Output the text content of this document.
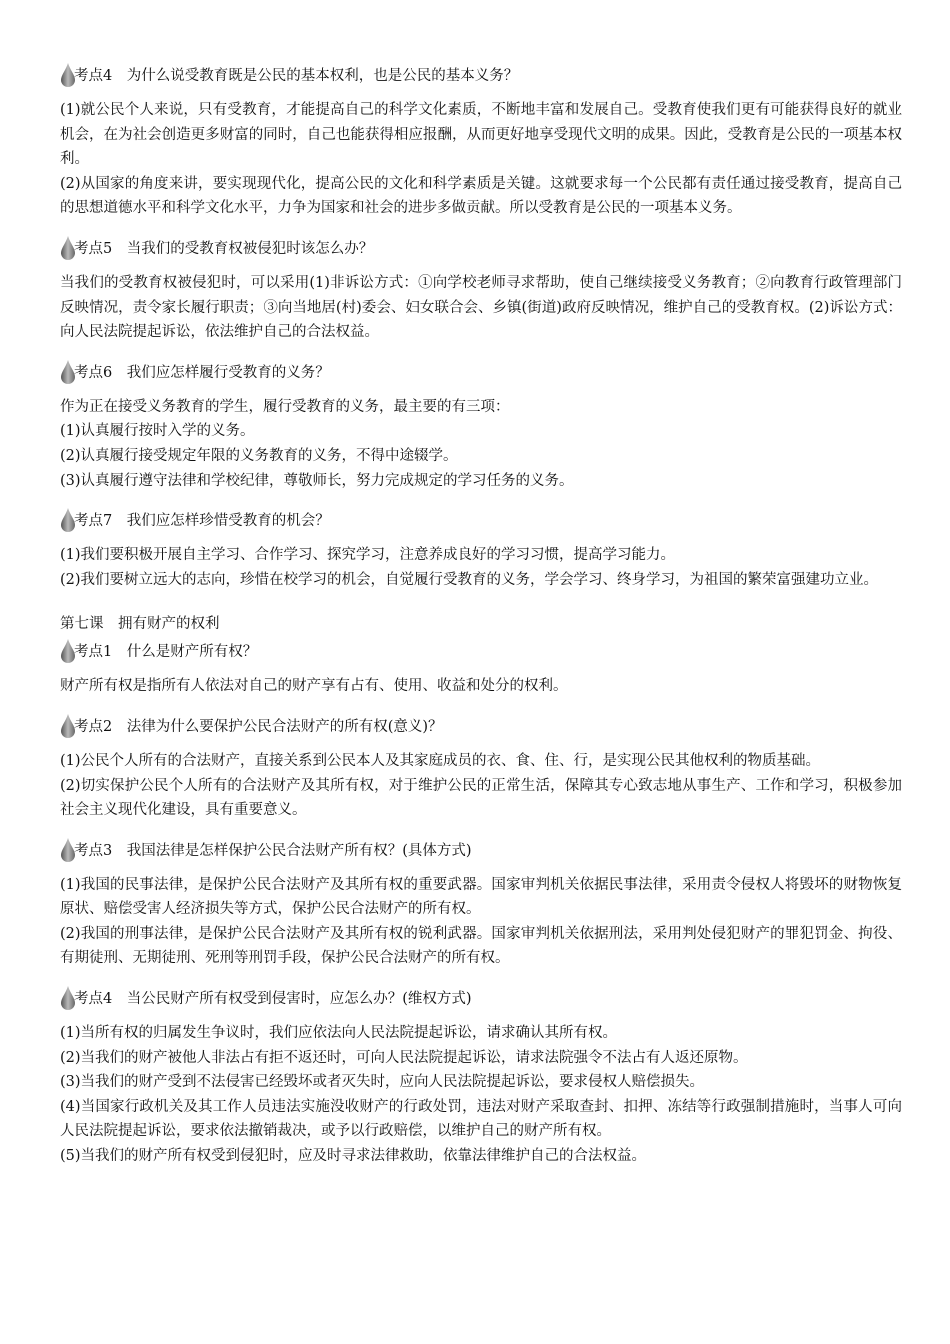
考点4　为什么说受教育既是公民的基本权利，也是公民的基本义务？

(1)就公民个人来说，只有受教育，才能提高自己的科学文化素质，不断地丰富和发展自己。受教育使我们更有可能获得良好的就业机会，在为社会创造更多财富的同时，自己也能获得相应报酬，从而更好地享受现代文明的成果。因此，受教育是公民的一项基本权利。

(2)从国家的角度来讲，要实现现代化，提高公民的文化和科学素质是关键。这就要求每一个公民都有责任通过接受教育，提高自己的思想道德水平和科学文化水平，力争为国家和社会的进步多做贡献。所以受教育是公民的一项基本义务。

考点5　当我们的受教育权被侵犯时该怎么办？

当我们的受教育权被侵犯时，可以采用(1)非诉讼方式：①向学校老师寻求帮助，使自己继续接受义务教育；②向教育行政管理部门反映情况，责令家长履行职责；③向当地居(村)委会、妇女联合会、乡镇(街道)政府反映情况，维护自己的受教育权。(2)诉讼方式：向人民法院提起诉讼，依法维护自己的合法权益。

考点6　我们应怎样履行受教育的义务？

作为正在接受义务教育的学生，履行受教育的义务，最主要的有三项：

(1)认真履行按时入学的义务。

(2)认真履行接受规定年限的义务教育的义务，不得中途辍学。

(3)认真履行遵守法律和学校纪律，尊敬师长，努力完成规定的学习任务的义务。

考点7　我们应怎样珍惜受教育的机会？

(1)我们要积极开展自主学习、合作学习、探究学习，注意养成良好的学习习惯，提高学习能力。

(2)我们要树立远大的志向，珍惜在校学习的机会，自觉履行受教育的义务，学会学习、终身学习，为祖国的繁荣富强建功立业。

第七课　拥有财产的权利
考点1　什么是财产所有权？

财产所有权是指所有人依法对自己的财产享有占有、使用、收益和处分的权利。

考点2　法律为什么要保护公民合法财产的所有权(意义)？

(1)公民个人所有的合法财产，直接关系到公民本人及其家庭成员的衣、食、住、行，是实现公民其他权利的物质基础。

(2)切实保护公民个人所有的合法财产及其所有权，对于维护公民的正常生活，保障其专心致志地从事生产、工作和学习，积极参加社会主义现代化建设，具有重要意义。

考点3　我国法律是怎样保护公民合法财产所有权？(具体方式)

(1)我国的民事法律，是保护公民合法财产及其所有权的重要武器。国家审判机关依据民事法律，采用责令侵权人将毁坏的财物恢复原状、赔偿受害人经济损失等方式，保护公民合法财产的所有权。

(2)我国的刑事法律，是保护公民合法财产及其所有权的锐利武器。国家审判机关依据刑法，采用判处侵犯财产的罪犯罚金、拘役、有期徒刑、无期徒刑、死刑等刑罚手段，保护公民合法财产的所有权。

考点4　当公民财产所有权受到侵害时，应怎么办？(维权方式)

(1)当所有权的归属发生争议时，我们应依法向人民法院提起诉讼，请求确认其所有权。

(2)当我们的财产被他人非法占有拒不返还时，可向人民法院提起诉讼，请求法院强令不法占有人返还原物。

(3)当我们的财产受到不法侵害已经毁坏或者灭失时，应向人民法院提起诉讼，要求侵权人赔偿损失。

(4)当国家行政机关及其工作人员违法实施没收财产的行政处罚，违法对财产采取查封、扣押、冻结等行政强制措施时，当事人可向人民法院提起诉讼，要求依法撤销裁决，或予以行政赔偿，以维护自己的财产所有权。

(5)当我们的财产所有权受到侵犯时，应及时寻求法律救助，依靠法律维护自己的合法权益。
